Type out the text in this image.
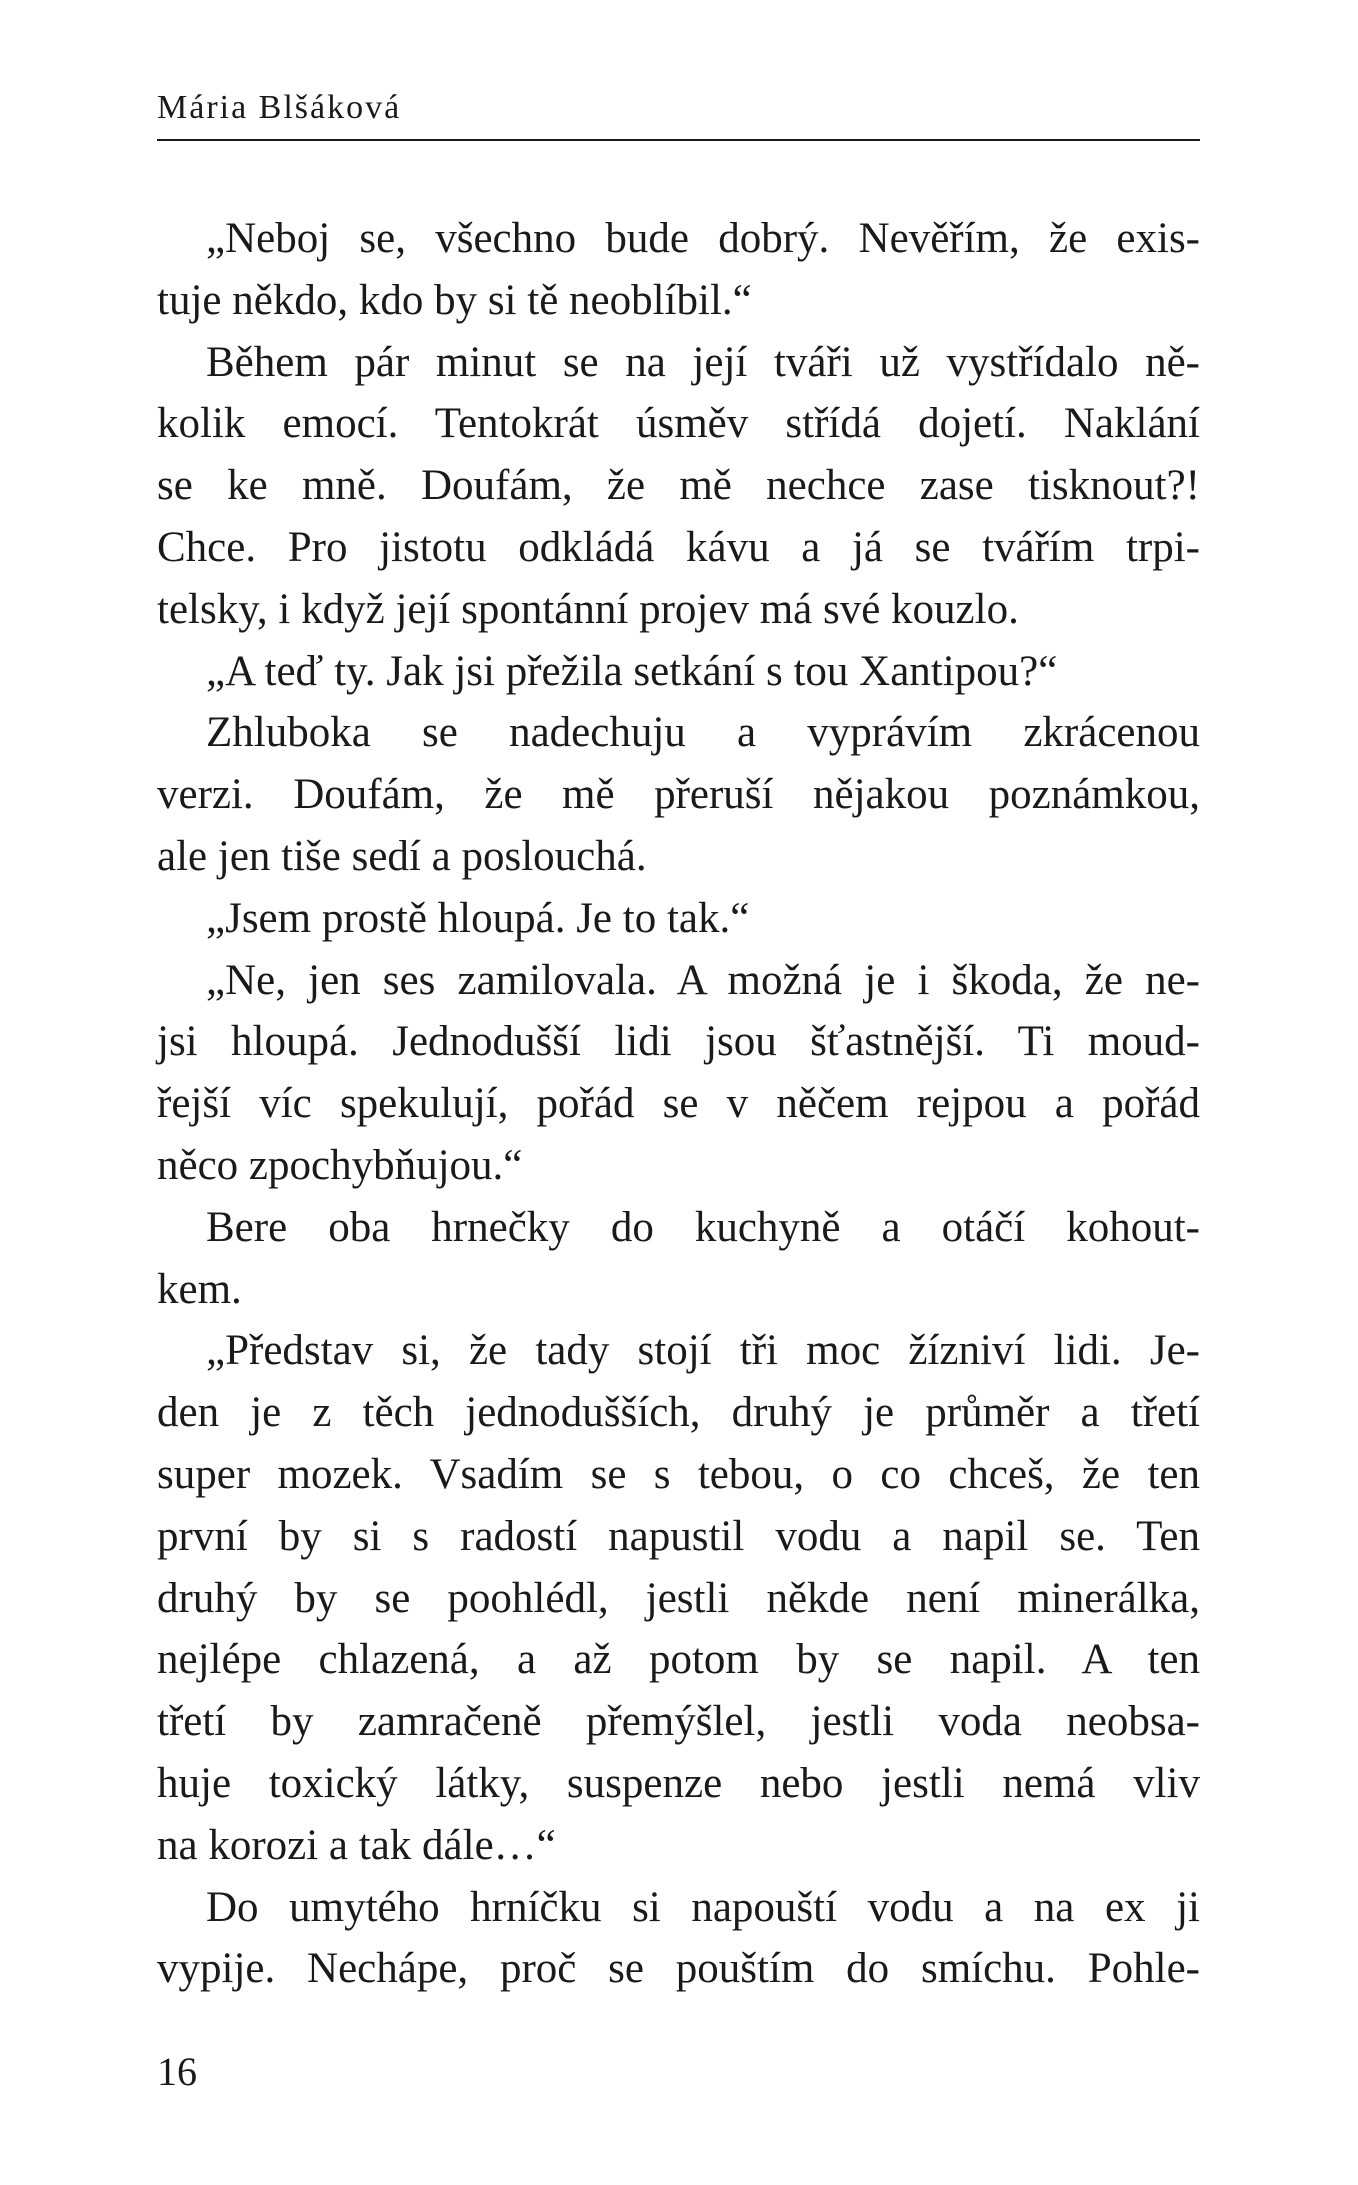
Mária Blšáková
„Neboj se, všechno bude dobrý. Nevěřím, že exis-
tuje někdo, kdo by si tě neoblíbil.“
Během pár minut se na její tváři už vystřídalo ně-
kolik emocí. Tentokrát úsměv střídá dojetí. Naklání
se ke mně. Doufám, že mě nechce zase tisknout?!
Chce. Pro jistotu odkládá kávu a já se tvářím trpi-
telsky, i když její spontánní projev má své kouzlo.
„A teď ty. Jak jsi přežila setkání s tou Xantipou?“
Zhluboka se nadechuju a vyprávím zkrácenou
verzi. Doufám, že mě přeruší nějakou poznámkou,
ale jen tiše sedí a poslouchá.
„Jsem prostě hloupá. Je to tak.“
„Ne, jen ses zamilovala. A možná je i škoda, že ne-
jsi hloupá. Jednodušší lidi jsou šťastnější. Ti moud-
řejší víc spekulují, pořád se v něčem rejpou a pořád
něco zpochybňujou.“
Bere oba hrnečky do kuchyně a otáčí kohout-
kem.
„Představ si, že tady stojí tři moc žízniví lidi. Je-
den je z těch jednodušších, druhý je průměr a třetí
super mozek. Vsadím se s tebou, o co chceš, že ten
první by si s radostí napustil vodu a napil se. Ten
druhý by se poohlédl, jestli někde není minerálka,
nejlépe chlazená, a až potom by se napil. A ten
třetí by zamračeně přemýšlel, jestli voda neobsa-
huje toxický látky, suspenze nebo jestli nemá vliv
na korozi a tak dále…“
Do umytého hrníčku si napouští vodu a na ex ji
vypije. Nechápe, proč se pouštím do smíchu. Pohle-
16
